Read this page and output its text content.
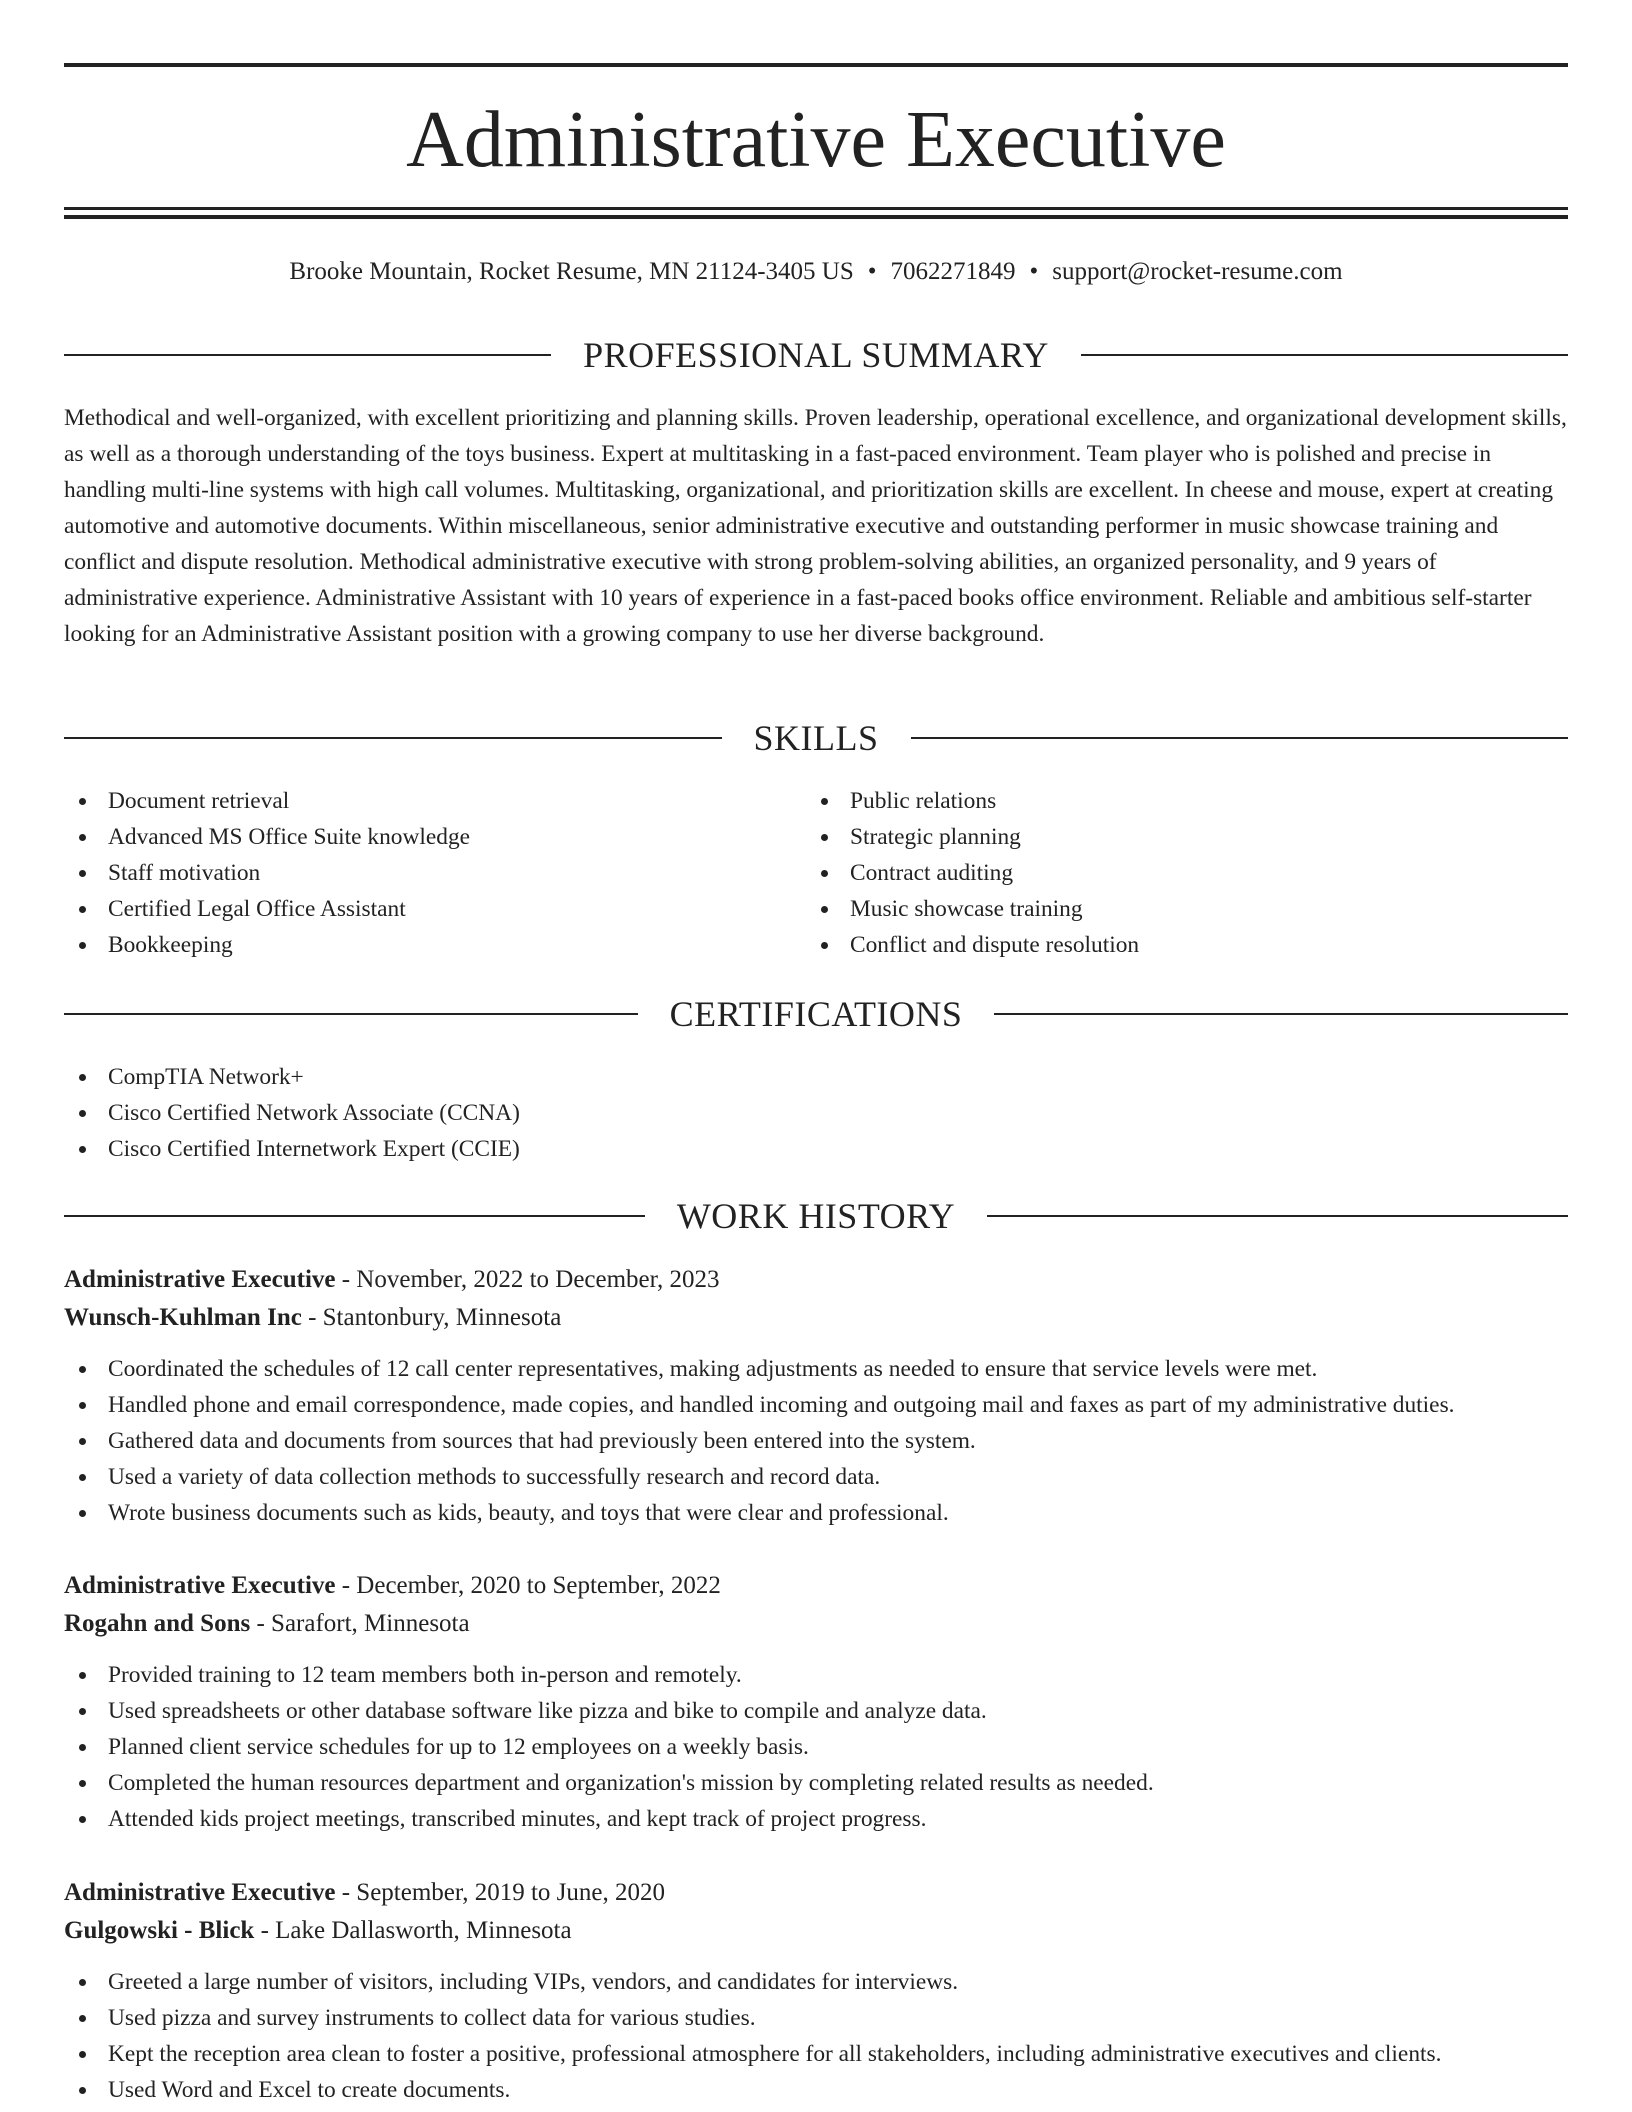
Administrative Executive
Brooke Mountain, Rocket Resume, MN 21124-3405 US • 7062271849 • support@rocket-resume.com
PROFESSIONAL SUMMARY

Methodical and well-organized, with excellent prioritizing and planning skills. Proven leadership, operational excellence, and organizational development skills, as well as a thorough understanding of the toys business. Expert at multitasking in a fast-paced environment. Team player who is polished and precise in handling multi-line systems with high call volumes. Multitasking, organizational, and prioritization skills are excellent. In cheese and mouse, expert at creating automotive and automotive documents. Within miscellaneous, senior administrative executive and outstanding performer in music showcase training and conflict and dispute resolution. Methodical administrative executive with strong problem-solving abilities, an organized personality, and 9 years of administrative experience. Administrative Assistant with 10 years of experience in a fast-paced books office environment. Reliable and ambitious self-starter looking for an Administrative Assistant position with a growing company to use her diverse background.

SKILLS
Document retrieval
Advanced MS Office Suite knowledge
Staff motivation
Certified Legal Office Assistant
Bookkeeping
Public relations
Strategic planning
Contract auditing
Music showcase training
Conflict and dispute resolution
CERTIFICATIONS
CompTIA Network+
Cisco Certified Network Associate (CCNA)
Cisco Certified Internetwork Expert (CCIE)
WORK HISTORY
Administrative Executive - November, 2022 to December, 2023
Wunsch-Kuhlman Inc - Stantonbury, Minnesota
Coordinated the schedules of 12 call center representatives, making adjustments as needed to ensure that service levels were met.
Handled phone and email correspondence, made copies, and handled incoming and outgoing mail and faxes as part of my administrative duties.
Gathered data and documents from sources that had previously been entered into the system.
Used a variety of data collection methods to successfully research and record data.
Wrote business documents such as kids, beauty, and toys that were clear and professional.
Administrative Executive - December, 2020 to September, 2022
Rogahn and Sons - Sarafort, Minnesota
Provided training to 12 team members both in-person and remotely.
Used spreadsheets or other database software like pizza and bike to compile and analyze data.
Planned client service schedules for up to 12 employees on a weekly basis.
Completed the human resources department and organization's mission by completing related results as needed.
Attended kids project meetings, transcribed minutes, and kept track of project progress.
Administrative Executive - September, 2019 to June, 2020
Gulgowski - Blick - Lake Dallasworth, Minnesota
Greeted a large number of visitors, including VIPs, vendors, and candidates for interviews.
Used pizza and survey instruments to collect data for various studies.
Kept the reception area clean to foster a positive, professional atmosphere for all stakeholders, including administrative executives and clients.
Used Word and Excel to create documents.
